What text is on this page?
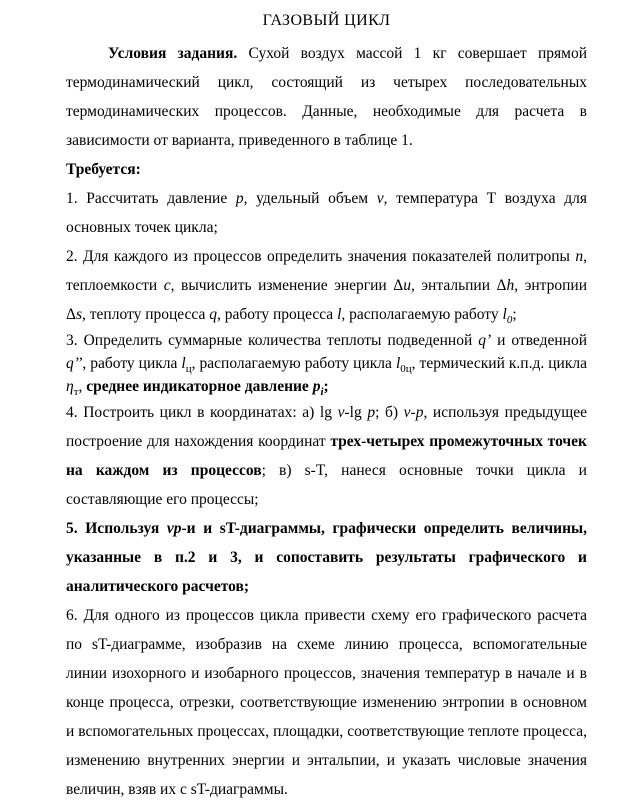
ГАЗОВЫЙ ЦИКЛ

Условия задания. Сухой воздух массой 1 кг совершает прямой термодинамический цикл, состоящий из четырех последовательных термодинамических процессов. Данные, необходимые для расчета в зависимости от варианта, приведенного в таблице 1.

Требуется:

1. Рассчитать давление p, удельный объем v, температура Т воздуха для основных точек цикла;

2. Для каждого из процессов определить значения показателей политропы n, теплоемкости с, вычислить изменение энергии Δu, энтальпии Δh, энтропии Δs, теплоту процесса q, работу процесса l, располагаемую работу $l_0$;

3. Определить суммарные количества теплоты подведенной q’ и отведенной q’’, работу цикла $l_ц$, располагаемую работу цикла $l_{0ц}$, термический к.п.д. цикла $\eta_т$, среднее индикаторное давление $p_i$;

4. Построить цикл в координатах: а) lg v-lg p; б) v-p, используя предыдущее построение для нахождения координат трех-четырех промежуточных точек на каждом из процессов; в) s-T, нанеся основные точки цикла и составляющие его процессы;

5. Используя vp-и и sT-диаграммы, графически определить величины, указанные в п.2 и 3, и сопоставить результаты графического и аналитического расчетов;

6. Для одного из процессов цикла привести схему его графического расчета по sT-диаграмме, изобразив на схеме линию процесса, вспомогательные линии изохорного и изобарного процессов, значения температур в начале и в конце процесса, отрезки, соответствующие изменению энтропии в основном и вспомогательных процессах, площадки, соответствующие теплоте процесса, изменению внутренних энергии и энтальпии, и указать числовые значения величин, взяв их с sT-диаграммы.
